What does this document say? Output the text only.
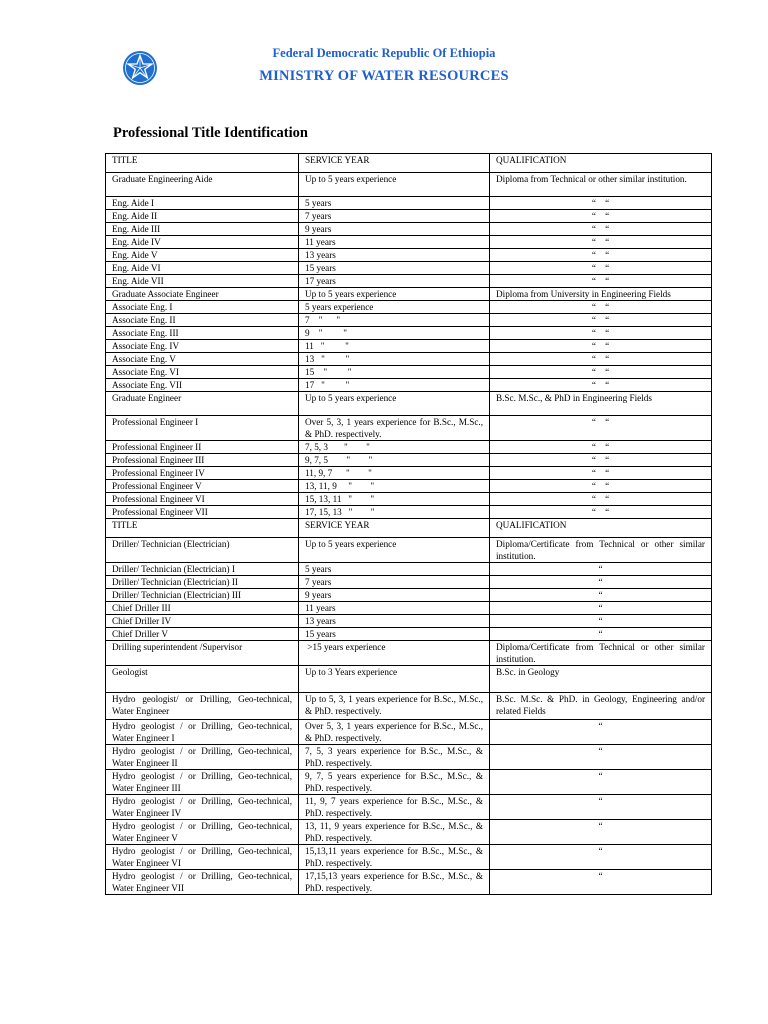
Federal Democratic Republic Of Ethiopia
MINISTRY OF WATER RESOURCES
Professional Title Identification
TITLE	SERVICE YEAR	QUALIFICATION
Graduate Engineering Aide	Up to 5 years experience	Diploma from Technical or other similar institution.
Eng. Aide I	5 years	“    “
Eng. Aide II	7 years	“    “
Eng. Aide III	9 years	“    “
Eng. Aide IV	11 years	“    “
Eng. Aide V	13 years	“    “
Eng. Aide VI	15 years	“    “
Eng. Aide VII	17 years	“    “
Graduate Associate Engineer	Up to 5 years experience	Diploma from University in Engineering Fields
Associate Eng. I	5 years experience	“    “
Associate Eng. II	7    "      "	“    “
Associate Eng. III	9    "         "	“    “
Associate Eng. IV	11   "         "	“    “
Associate Eng. V	13   "         "	“    “
Associate Eng. VI	15    "         "	“    “
Associate Eng. VII	17   "         "	“    “
Graduate Engineer	Up to 5 years experience	B.Sc. M.Sc., & PhD in Engineering Fields
Professional Engineer I	Over 5, 3, 1 years experience for B.Sc., M.Sc., & PhD. respectively.	“    “
Professional Engineer II	7, 5, 3       "        "	“    “
Professional Engineer III	9, 7, 5        "        "	“    “
Professional Engineer IV	11, 9, 7      "        "	“    “
Professional Engineer V	13, 11, 9     "        "	“    “
Professional Engineer VI	15, 13, 11   "        "	“    “
Professional Engineer VII	17, 15, 13   "        "	“    “
TITLE	SERVICE YEAR	QUALIFICATION
Driller/ Technician (Electrician)	Up to 5 years experience	Diploma/Certificate from Technical or other similar institution.
Driller/ Technician (Electrician) I	5 years	“
Driller/ Technician (Electrician) II	7 years	“
Driller/ Technician (Electrician) III	9 years	“
Chief Driller III	11 years	“
Chief Driller IV	13 years	“
Chief Driller V	15 years	“
Drilling superintendent /Supervisor	>15 years experience	Diploma/Certificate from Technical or other similar institution.
Geologist	Up to 3 Years experience	B.Sc. in Geology
Hydro geologist/ or Drilling, Geo-technical, Water Engineer	Up to 5, 3, 1 years experience for B.Sc., M.Sc., & PhD. respectively.	B.Sc. M.Sc. & PhD. in Geology, Engineering and/or related Fields
Hydro geologist / or Drilling, Geo-technical, Water Engineer I	Over 5, 3, 1 years experience for B.Sc., M.Sc., & PhD. respectively.	“
Hydro geologist / or Drilling, Geo-technical, Water Engineer II	7, 5, 3 years experience for B.Sc., M.Sc., & PhD. respectively.	“
Hydro geologist / or Drilling, Geo-technical, Water Engineer III	9, 7, 5 years experience for B.Sc., M.Sc., & PhD. respectively.	“
Hydro geologist / or Drilling, Geo-technical, Water Engineer IV	11, 9, 7 years experience for B.Sc., M.Sc., & PhD. respectively.	“
Hydro geologist / or Drilling, Geo-technical, Water Engineer V	13, 11, 9 years experience for B.Sc., M.Sc., & PhD. respectively.	“
Hydro geologist / or Drilling, Geo-technical, Water Engineer VI	15,13,11 years experience for B.Sc., M.Sc., & PhD. respectively.	“
Hydro geologist / or Drilling, Geo-technical, Water Engineer VII	17,15,13 years experience for B.Sc., M.Sc., & PhD. respectively.	“
